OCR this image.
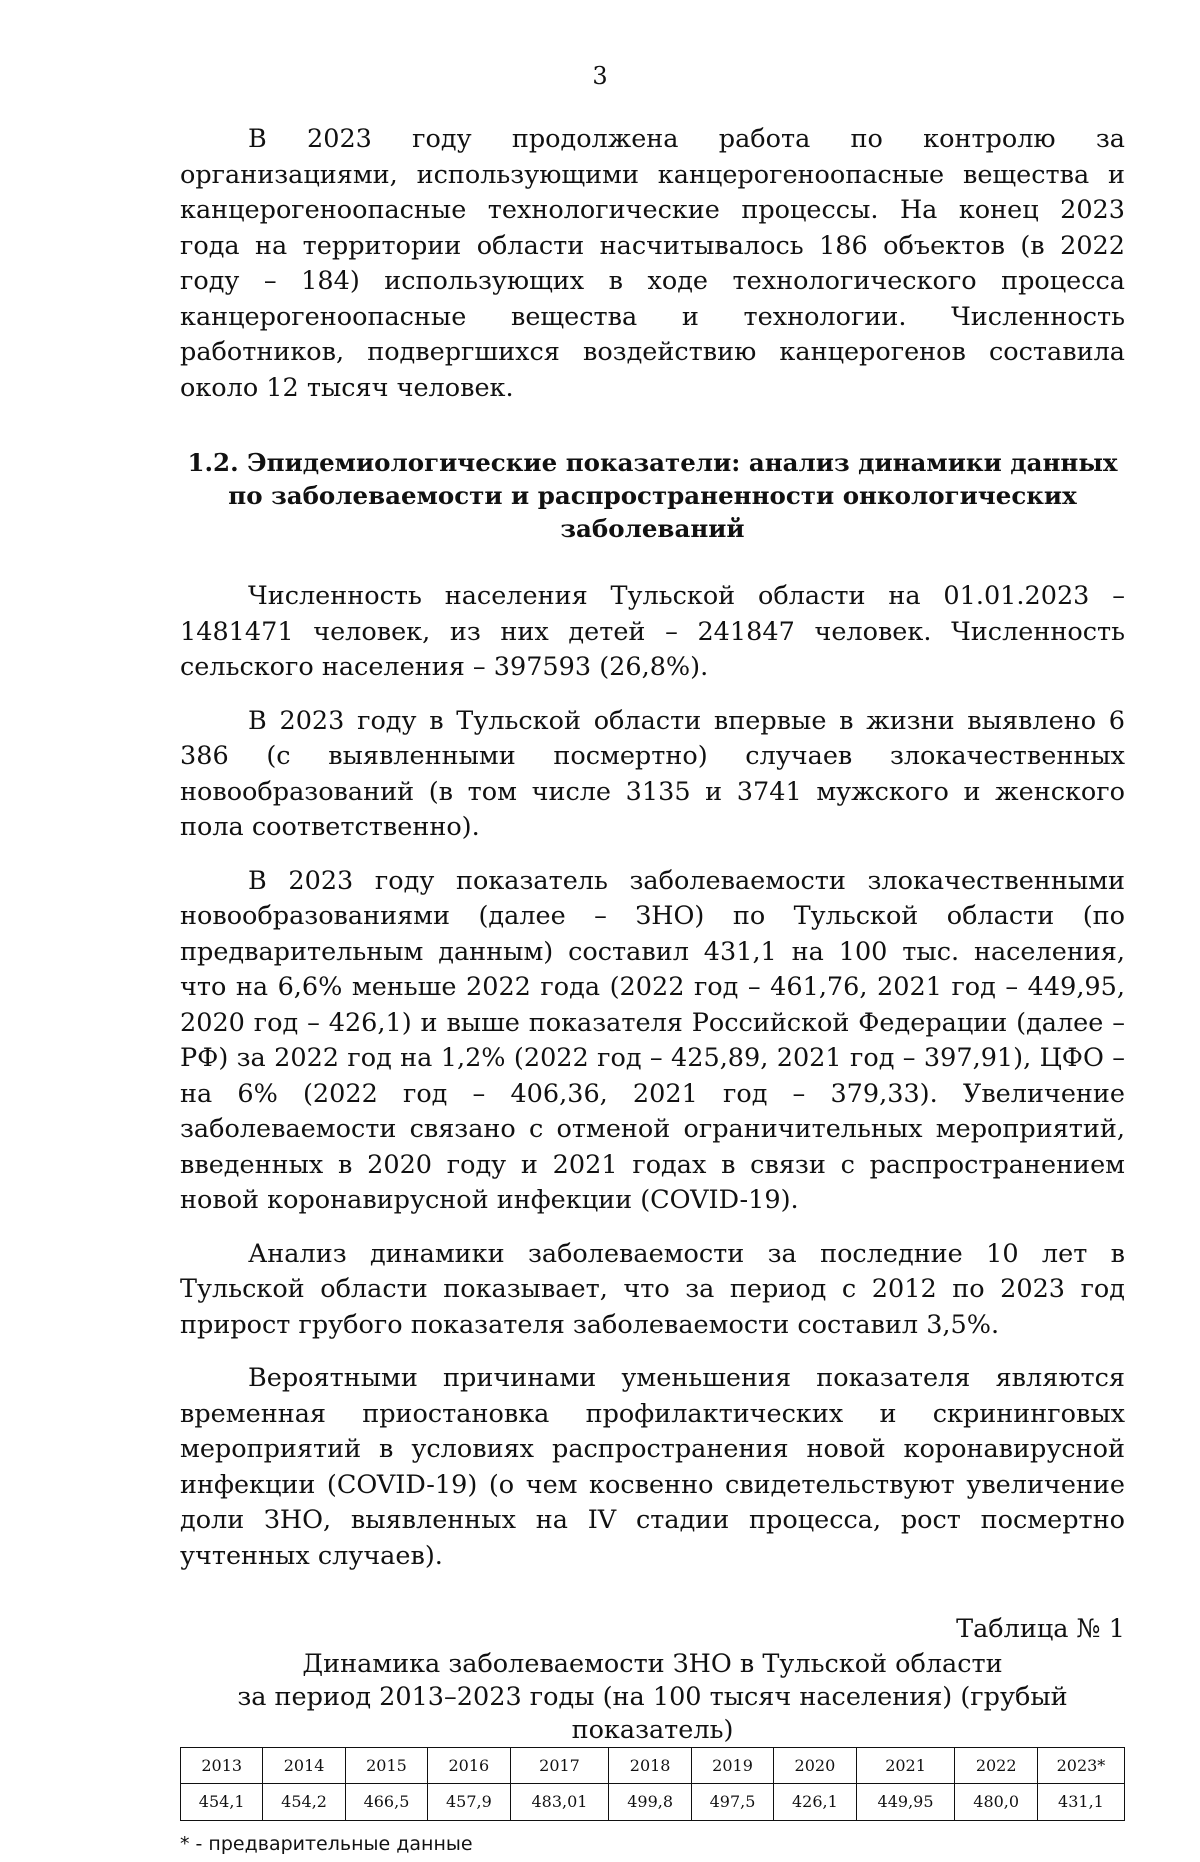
3

В 2023 году продолжена работа по контролю за организациями, использующими канцерогеноопасные вещества и канцерогеноопасные технологические процессы. На конец 2023 года на территории области насчитывалось 186 объектов (в 2022 году – 184) использующих в ходе технологического процесса канцерогеноопасные вещества и технологии. Численность работников, подвергшихся воздействию канцерогенов составила около 12 тысяч человек.

1.2. Эпидемиологические показатели: анализ динамики данных
по заболеваемости и распространенности онкологических заболеваний

Численность населения Тульской области на 01.01.2023 – 1481471 человек, из них детей – 241847 человек. Численность сельского населения – 397593 (26,8%).

В 2023 году в Тульской области впервые в жизни выявлено 6 386 (с выявленными посмертно) случаев злокачественных новообразований (в том числе 3135 и 3741 мужского и женского пола соответственно).

В 2023 году показатель заболеваемости злокачественными новообразованиями (далее – ЗНО) по Тульской области (по предварительным данным) составил 431,1 на 100 тыс. населения, что на 6,6% меньше 2022 года (2022 год – 461,76, 2021 год – 449,95, 2020 год – 426,1) и выше показателя Российской Федерации (далее – РФ) за 2022 год на 1,2% (2022 год – 425,89, 2021 год – 397,91), ЦФО – на 6% (2022 год – 406,36, 2021 год – 379,33). Увеличение заболеваемости связано с отменой ограничительных мероприятий, введенных в 2020 году и 2021 годах в связи с распространением новой коронавирусной инфекции (COVID-19).

Анализ динамики заболеваемости за последние 10 лет в Тульской области показывает, что за период с 2012 по 2023 год прирост грубого показателя заболеваемости составил 3,5%.

Вероятными причинами уменьшения показателя являются временная приостановка профилактических и скрининговых мероприятий в условиях распространения новой коронавирусной инфекции (COVID-19) (о чем косвенно свидетельствуют увеличение доли ЗНО, выявленных на IV стадии процесса, рост посмертно учтенных случаев).

Таблица № 1
Динамика заболеваемости ЗНО в Тульской области
за период 2013–2023 годы (на 100 тысяч населения) (грубый показатель)
2013	2014	2015	2016	2017	2018	2019	2020	2021	2022	2023*
454,1	454,2	466,5	457,9	483,01	499,8	497,5	426,1	449,95	480,0	431,1
* - предварительные данные
